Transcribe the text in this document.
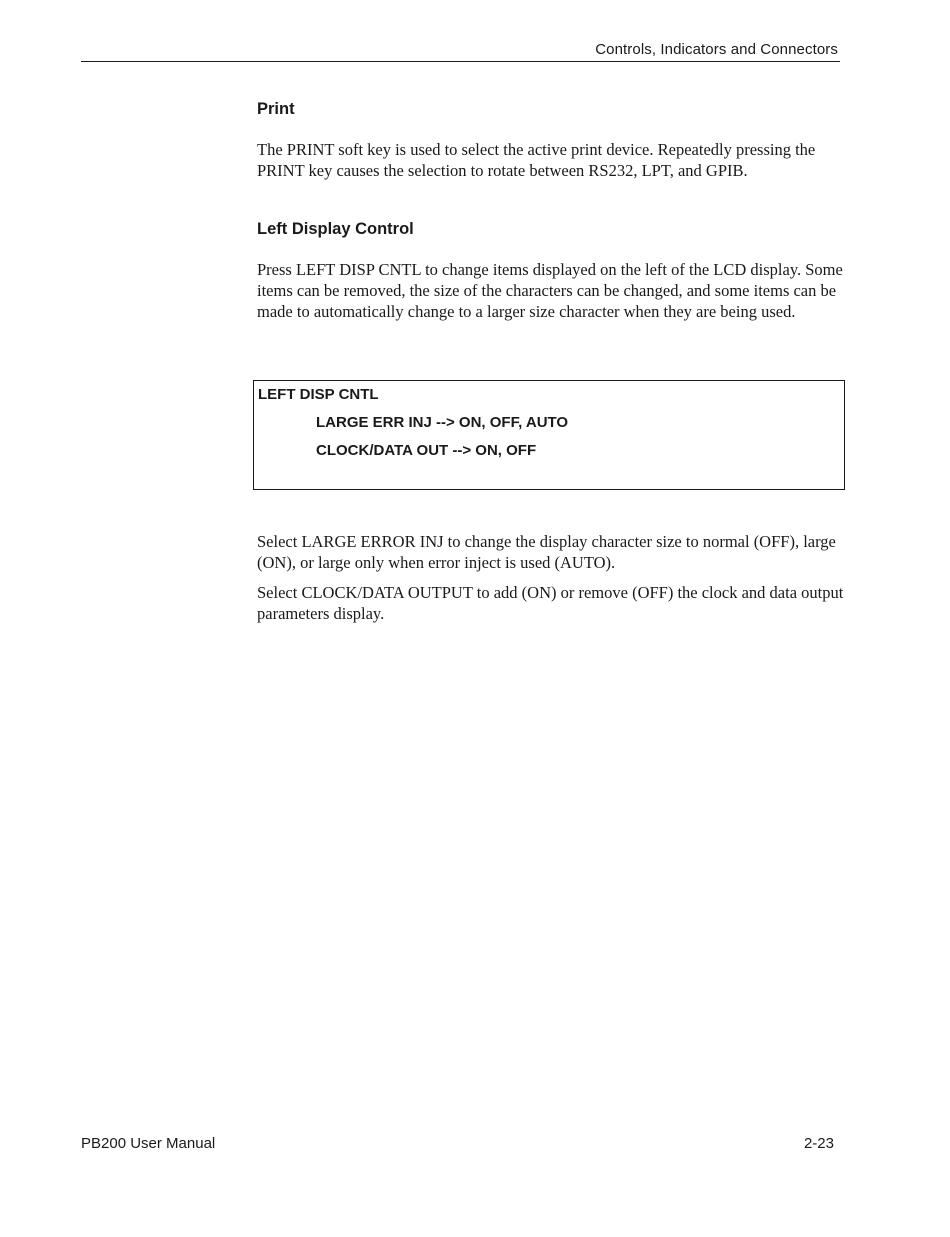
Controls, Indicators and Connectors
Print

The PRINT soft key is used to select the active print device. Repeatedly pressing the PRINT key causes the selection to rotate between RS232, LPT, and GPIB.

Left Display Control

Press LEFT DISP CNTL to change items displayed on the left of the LCD display. Some items can be removed, the size of the characters can be changed, and some items can be made to automatically change to a larger size character when they are being used.

Select LARGE ERROR INJ to change the display character size to normal (OFF), large (ON), or large only when error inject is used (AUTO).

Select CLOCK/DATA OUTPUT to add (ON) or remove (OFF) the clock and data output parameters display.

LEFT DISP CNTL
LARGE ERR INJ --> ON, OFF, AUTO
CLOCK/DATA OUT --> ON, OFF
PB200 User Manual	2-23
